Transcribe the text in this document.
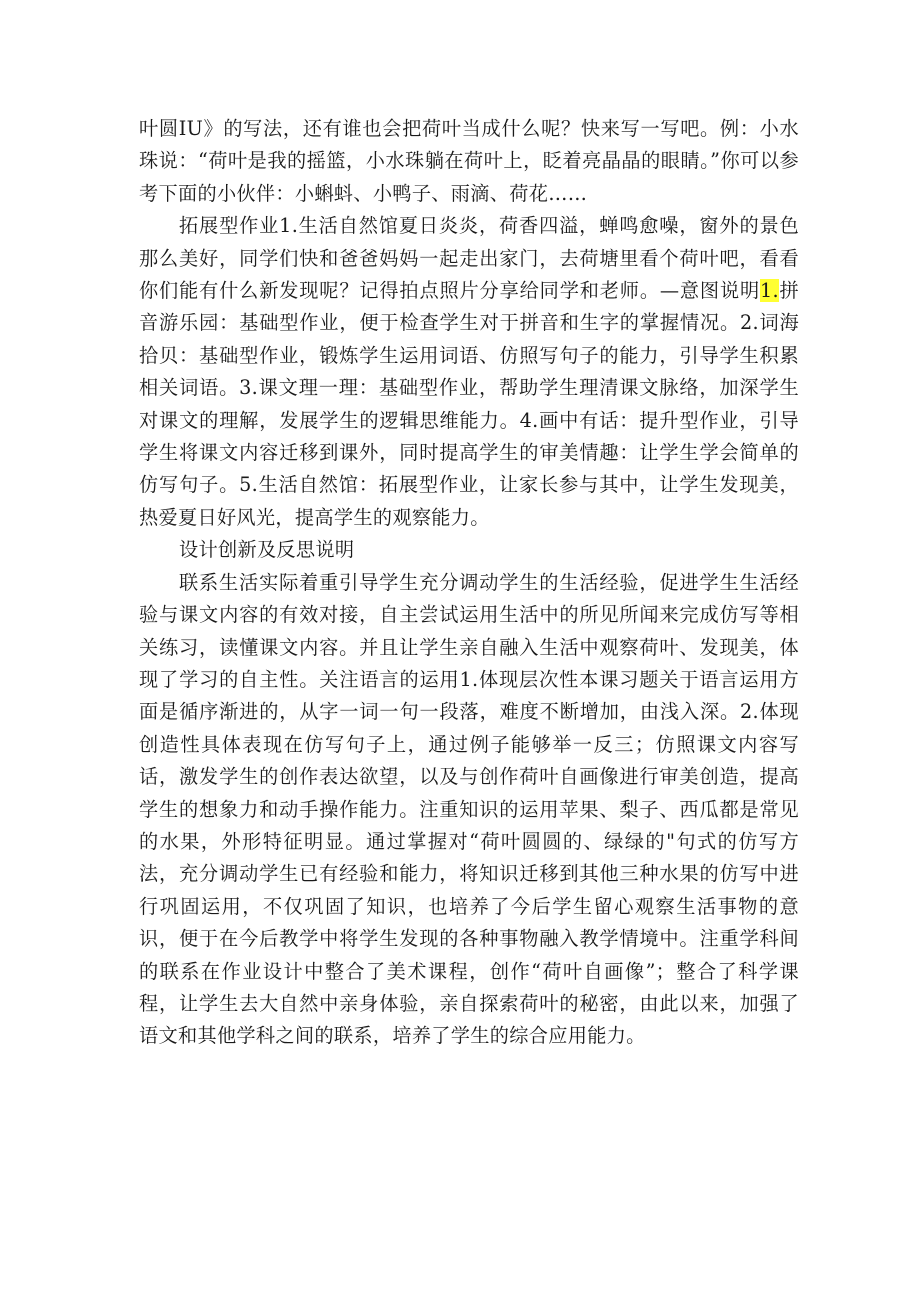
叶圆IU》的写法，还有谁也会把荷叶当成什么呢？快来写一写吧。例：小水珠说：“荷叶是我的摇篮，小水珠躺在荷叶上，眨着亮晶晶的眼睛。”你可以参考下面的小伙伴：小蝌蚪、小鸭子、雨滴、荷花……

拓展型作业1.生活自然馆夏日炎炎，荷香四溢，蝉鸣愈噪，窗外的景色那么美好，同学们快和爸爸妈妈一起走出家门，去荷塘里看个荷叶吧，看看你们能有什么新发现呢？记得拍点照片分享给同学和老师。—意图说明1.拼音游乐园：基础型作业，便于检查学生对于拼音和生字的掌握情况。2.词海拾贝：基础型作业，锻炼学生运用词语、仿照写句子的能力，引导学生积累相关词语。3.课文理一理：基础型作业，帮助学生理清课文脉络，加深学生对课文的理解，发展学生的逻辑思维能力。4.画中有话：提升型作业，引导学生将课文内容迁移到课外，同时提高学生的审美情趣：让学生学会简单的仿写句子。5.生活自然馆：拓展型作业，让家长参与其中，让学生发现美，热爱夏日好风光，提高学生的观察能力。

设计创新及反思说明

联系生活实际着重引导学生充分调动学生的生活经验，促进学生生活经验与课文内容的有效对接，自主尝试运用生活中的所见所闻来完成仿写等相关练习，读懂课文内容。并且让学生亲自融入生活中观察荷叶、发现美，体现了学习的自主性。关注语言的运用1.体现层次性本课习题关于语言运用方面是循序渐进的，从字一词一句一段落，难度不断增加，由浅入深。2.体现创造性具体表现在仿写句子上，通过例子能够举一反三；仿照课文内容写话，激发学生的创作表达欲望，以及与创作荷叶自画像进行审美创造，提高学生的想象力和动手操作能力。注重知识的运用苹果、梨子、西瓜都是常见的水果，外形特征明显。通过掌握对“荷叶圆圆的、绿绿的"句式的仿写方法，充分调动学生已有经验和能力，将知识迁移到其他三种水果的仿写中进行巩固运用，不仅巩固了知识，也培养了今后学生留心观察生活事物的意识，便于在今后教学中将学生发现的各种事物融入教学情境中。注重学科间的联系在作业设计中整合了美术课程，创作“荷叶自画像”；整合了科学课程，让学生去大自然中亲身体验，亲自探索荷叶的秘密，由此以来，加强了语文和其他学科之间的联系，培养了学生的综合应用能力。
